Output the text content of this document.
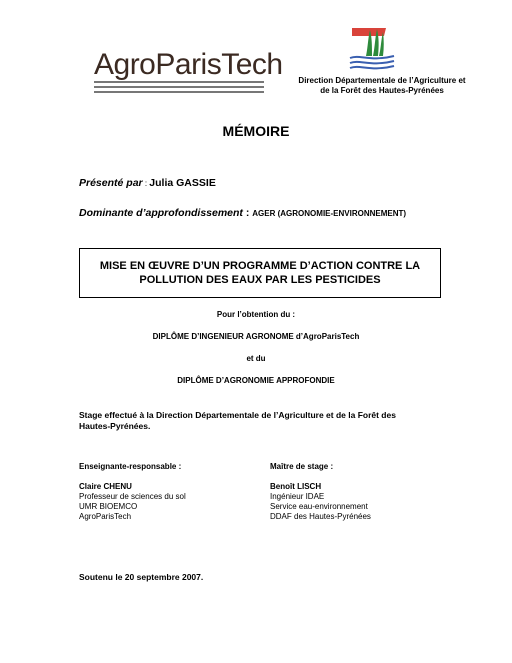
AgroParisTech	Direction Départementale de l’Agriculture et
de la Forêt des Hautes-Pyrénées
MÉMOIRE
Présenté par : Julia GASSIE
Dominante d’approfondissement : AGER (AGRONOMIE-ENVIRONNEMENT)
MISE EN ŒUVRE D’UN PROGRAMME D’ACTION CONTRE LA
POLLUTION DES EAUX PAR LES PESTICIDES
Pour l’obtention du :
DIPLÔME D’INGENIEUR AGRONOME d’AgroParisTech
et du
DIPLÔME D’AGRONOMIE APPROFONDIE
Stage effectué à la Direction Départementale de l’Agriculture et de la Forêt des
Hautes-Pyrénées.
Enseignante-responsable :
Claire CHENU
Professeur de sciences du sol
UMR BIOEMCO
AgroParisTech
Maître de stage :
Benoît LISCH
Ingénieur IDAE
Service eau-environnement
DDAF des Hautes-Pyrénées
Soutenu le 20 septembre 2007.
